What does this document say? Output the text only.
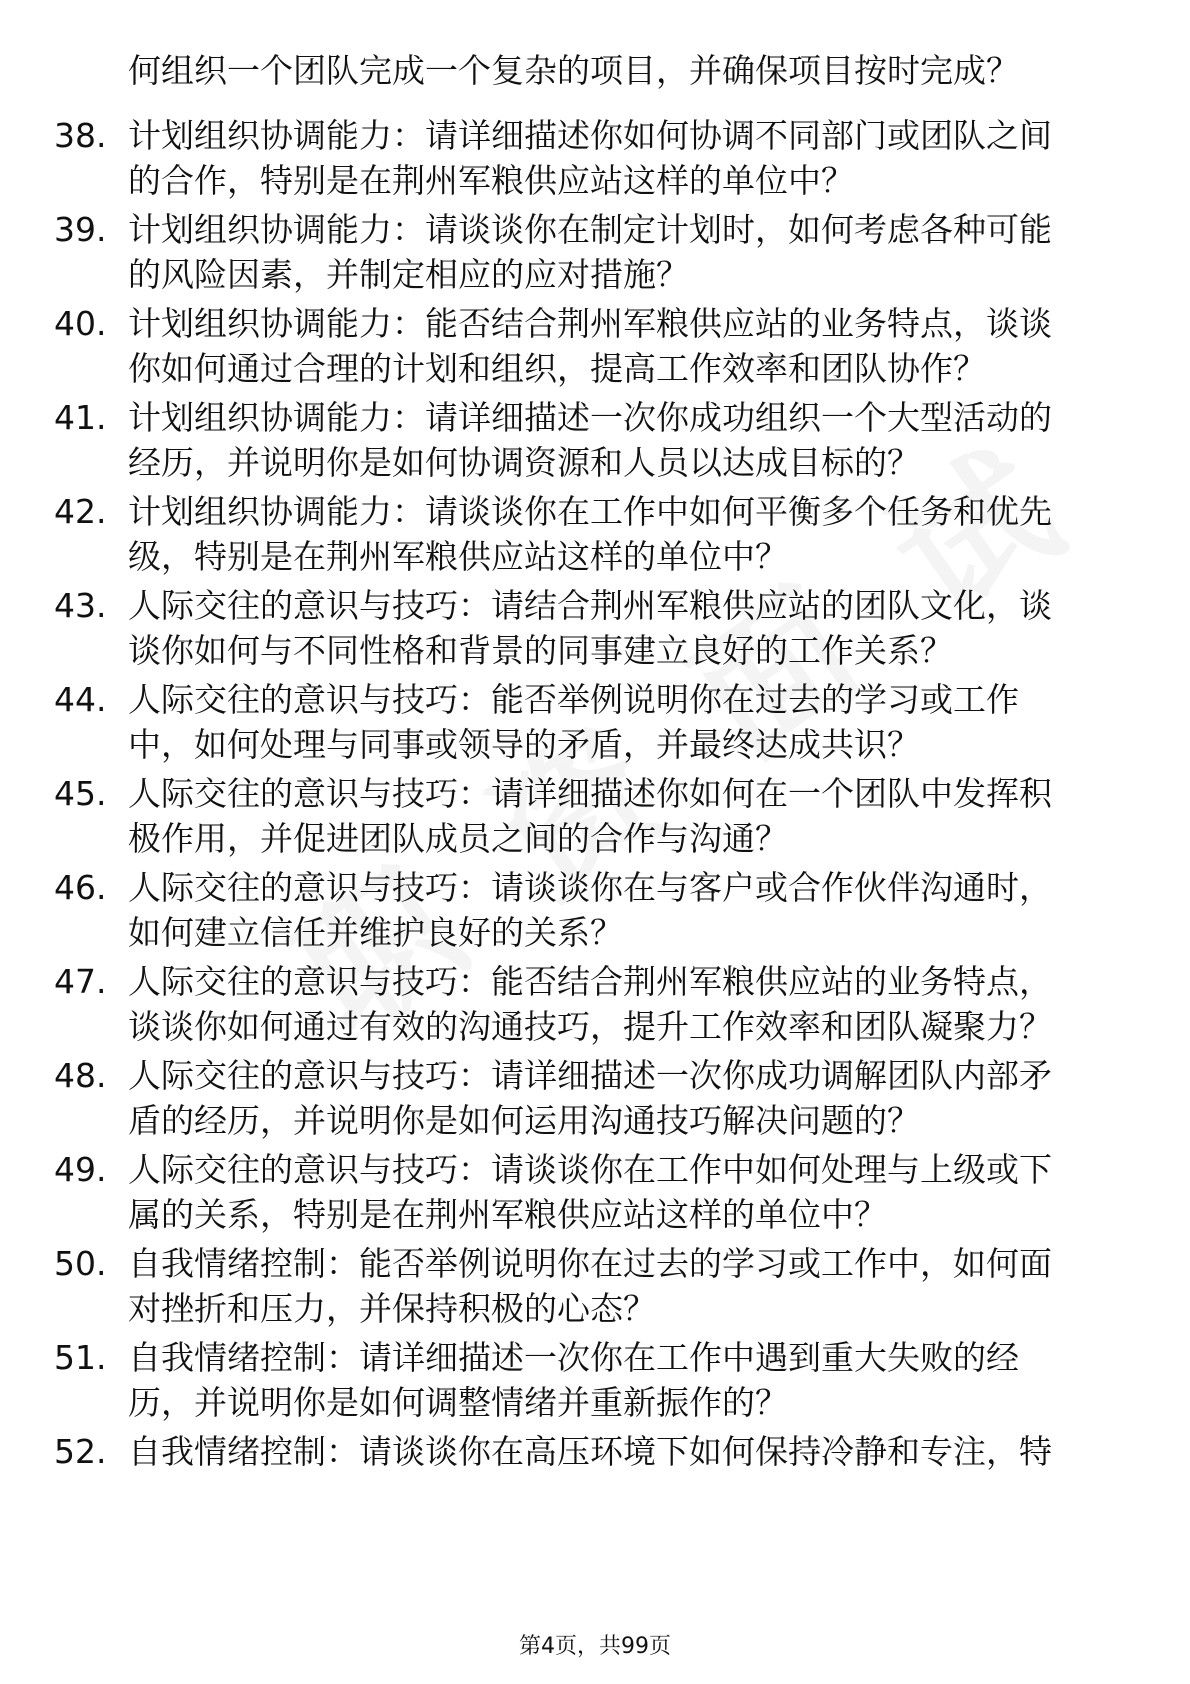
何组织一个团队完成一个复杂的项目，并确保项目按时完成？
38. 计划组织协调能力：请详细描述你如何协调不同部门或团队之间
的合作，特别是在荆州军粮供应站这样的单位中？
39. 计划组织协调能力：请谈谈你在制定计划时，如何考虑各种可能
的风险因素，并制定相应的应对措施？
40. 计划组织协调能力：能否结合荆州军粮供应站的业务特点，谈谈
你如何通过合理的计划和组织，提高工作效率和团队协作？
41. 计划组织协调能力：请详细描述一次你成功组织一个大型活动的
经历，并说明你是如何协调资源和人员以达成目标的？
42. 计划组织协调能力：请谈谈你在工作中如何平衡多个任务和优先
级，特别是在荆州军粮供应站这样的单位中？
43. 人际交往的意识与技巧：请结合荆州军粮供应站的团队文化，谈
谈你如何与不同性格和背景的同事建立良好的工作关系？
44. 人际交往的意识与技巧：能否举例说明你在过去的学习或工作
中，如何处理与同事或领导的矛盾，并最终达成共识？
45. 人际交往的意识与技巧：请详细描述你如何在一个团队中发挥积
极作用，并促进团队成员之间的合作与沟通？
46. 人际交往的意识与技巧：请谈谈你在与客户或合作伙伴沟通时，
如何建立信任并维护良好的关系？
47. 人际交往的意识与技巧：能否结合荆州军粮供应站的业务特点，
谈谈你如何通过有效的沟通技巧，提升工作效率和团队凝聚力？
48. 人际交往的意识与技巧：请详细描述一次你成功调解团队内部矛
盾的经历，并说明你是如何运用沟通技巧解决问题的？
49. 人际交往的意识与技巧：请谈谈你在工作中如何处理与上级或下
属的关系，特别是在荆州军粮供应站这样的单位中？
50. 自我情绪控制：能否举例说明你在过去的学习或工作中，如何面
对挫折和压力，并保持积极的心态？
51. 自我情绪控制：请详细描述一次你在工作中遇到重大失败的经
历，并说明你是如何调整情绪并重新振作的？
52. 自我情绪控制：请谈谈你在高压环境下如何保持冷静和专注，特
第4页，共99页
